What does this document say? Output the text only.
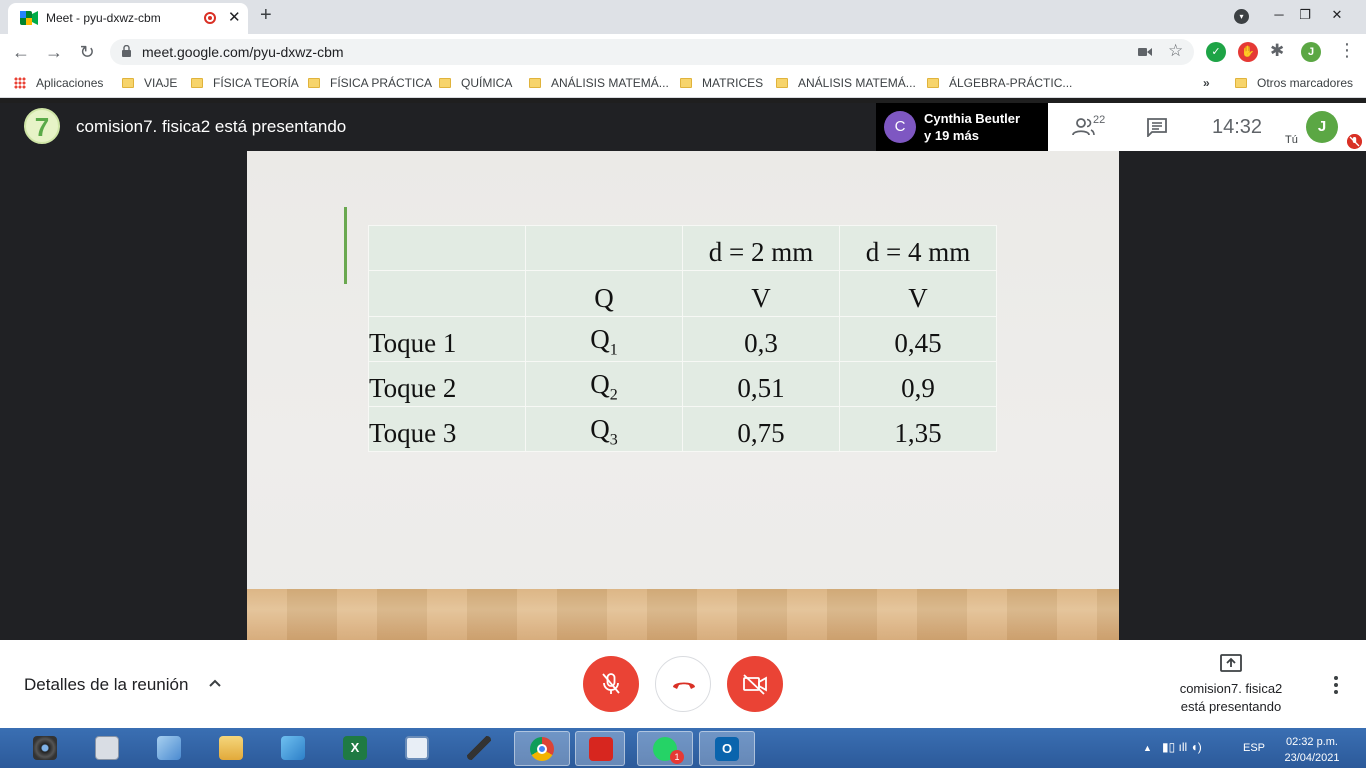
Meet - pyu-dxwz-cbm	✕ +	▾	─	❐	✕
← → ↻	meet.google.com/pyu-dxwz-cbm	☆	✓	✋ ✱	J	⋮
Aplicaciones	VIAJE	FÍSICA TEORÍA	FÍSICA PRÁCTICA	QUÍMICA	ANÁLISIS MATEMÁ...	MATRICES	ANÁLISIS MATEMÁ...	ÁLGEBRA-PRÁCTIC...	»	Otros marcadores
7	comision7. fisica2 está presentando	C	Cynthia Beutler
y 19 más
22	14:32
Tú
J
		d = 2 mm	d = 4 mm
	Q	V	V
Toque 1	$Q_1$	0,3	0,45
Toque 2	$Q_2$	0,51	0,9
Toque 3	$Q_3$	0,75	1,35
Detalles de la reunión	comision7. fisica2
está presentando
X
1
O	▲ ▮▯ ıll ◖)	ESP	02:32 p.m.
23/04/2021
